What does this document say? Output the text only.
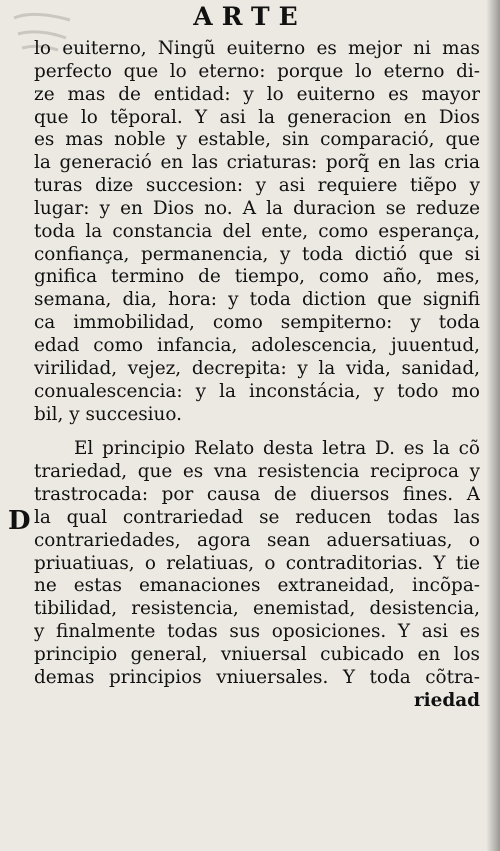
ARTE
D
lo euiterno, Ningũ euiterno es mejor ni mas
perfecto que lo eterno: porque lo eterno di-
ze mas de entidad: y lo euiterno es mayor
que lo tẽporal. Y asi la generacion en Dios
es mas noble y estable, sin comparació, que
la generació en las criaturas: porq̃ en las cria
turas dize succesion: y asi requiere tiẽpo y
lugar: y en Dios no. A la duracion se reduze
toda la constancia del ente, como esperança,
confiança, permanencia, y toda dictió que si
gnifica termino de tiempo, como año, mes,
semana, dia, hora: y toda diction que signifi
ca immobilidad, como sempiterno: y toda
edad como infancia, adolescencia, juuentud,
virilidad, vejez, decrepita: y la vida, sanidad,
conualescencia: y la inconstácia, y todo mo
bil, y succesiuo.
El principio Relato desta letra D. es la cõ
trariedad, que es vna resistencia reciproca y
trastrocada: por causa de diuersos fines. A
la qual contrariedad se reducen todas las
contrariedades, agora sean aduersatiuas, o
priuatiuas, o relatiuas, o contraditorias. Y tie
ne estas emanaciones extraneidad, incõpa-
tibilidad, resistencia, enemistad, desistencia,
y finalmente todas sus oposiciones. Y asi es
principio general, vniuersal cubicado en los
demas principios vniuersales. Y toda cõtra-
riedad
